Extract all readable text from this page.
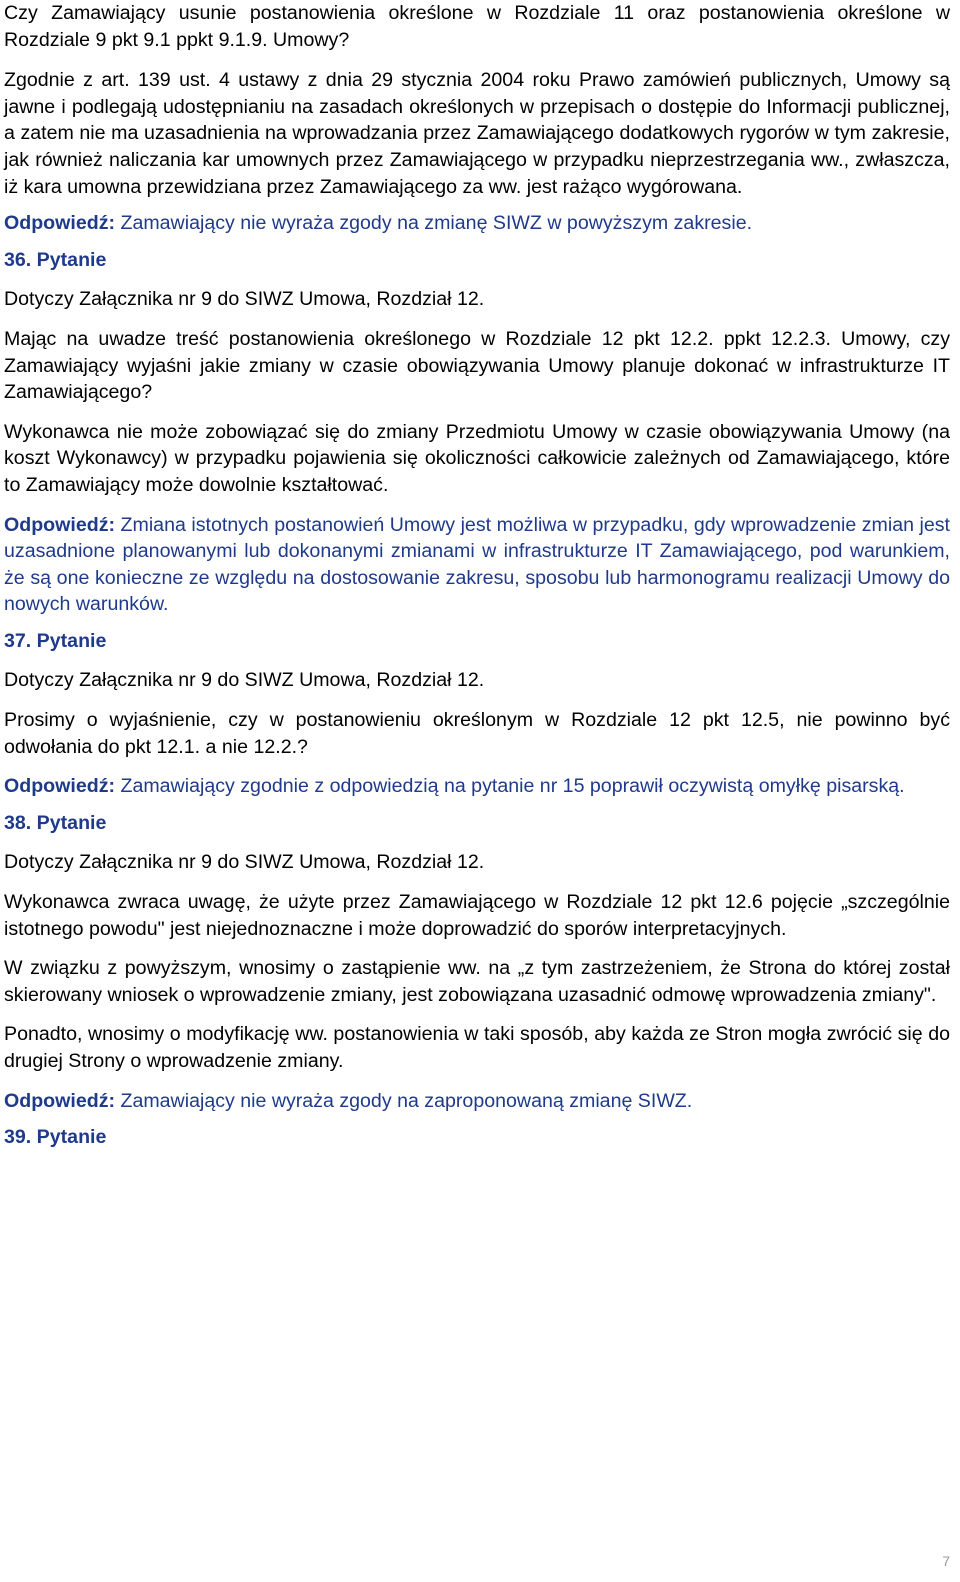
Czy Zamawiający usunie postanowienia określone w Rozdziale 11 oraz postanowienia określone w Rozdziale 9 pkt 9.1 ppkt 9.1.9. Umowy?

Zgodnie z art. 139 ust. 4 ustawy z dnia 29 stycznia 2004 roku Prawo zamówień publicznych, Umowy są jawne i podlegają udostępnianiu na zasadach określonych w przepisach o dostępie do Informacji publicznej, a zatem nie ma uzasadnienia na wprowadzania przez Zamawiającego dodatkowych rygorów w tym zakresie, jak również naliczania kar umownych przez Zamawiającego w przypadku nieprzestrzegania ww., zwłaszcza, iż kara umowna przewidziana przez Zamawiającego za ww. jest rażąco wygórowana.

Odpowiedź: Zamawiający nie wyraża zgody na zmianę SIWZ w powyższym zakresie.

36. Pytanie

Dotyczy Załącznika nr 9 do SIWZ Umowa, Rozdział 12.

Mając na uwadze treść postanowienia określonego w Rozdziale 12 pkt 12.2. ppkt 12.2.3. Umowy, czy Zamawiający wyjaśni jakie zmiany w czasie obowiązywania Umowy planuje dokonać w infrastrukturze IT Zamawiającego?

Wykonawca nie może zobowiązać się do zmiany Przedmiotu Umowy w czasie obowiązywania Umowy (na koszt Wykonawcy) w przypadku pojawienia się okoliczności całkowicie zależnych od Zamawiającego, które to Zamawiający może dowolnie kształtować.

Odpowiedź: Zmiana istotnych postanowień Umowy jest możliwa w przypadku, gdy wprowadzenie zmian jest uzasadnione planowanymi lub dokonanymi zmianami w infrastrukturze IT Zamawiającego, pod warunkiem, że są one konieczne ze względu na dostosowanie zakresu, sposobu lub harmonogramu realizacji Umowy do nowych warunków.

37. Pytanie

Dotyczy Załącznika nr 9 do SIWZ Umowa, Rozdział 12.

Prosimy o wyjaśnienie, czy w postanowieniu określonym w Rozdziale 12 pkt 12.5, nie powinno być odwołania do pkt 12.1. a nie 12.2.?

Odpowiedź: Zamawiający zgodnie z odpowiedzią na pytanie nr 15 poprawił oczywistą omyłkę pisarską.

38. Pytanie

Dotyczy Załącznika nr 9 do SIWZ Umowa, Rozdział 12.

Wykonawca zwraca uwagę, że użyte przez Zamawiającego w Rozdziale 12 pkt 12.6 pojęcie „szczególnie istotnego powodu" jest niejednoznaczne i może doprowadzić do sporów interpretacyjnych.

W związku z powyższym, wnosimy o zastąpienie ww. na „z tym zastrzeżeniem, że Strona do której został skierowany wniosek o wprowadzenie zmiany, jest zobowiązana uzasadnić odmowę wprowadzenia zmiany".

Ponadto, wnosimy o modyfikację ww. postanowienia w taki sposób, aby każda ze Stron mogła zwrócić się do drugiej Strony o wprowadzenie zmiany.

Odpowiedź: Zamawiający nie wyraża zgody na zaproponowaną zmianę SIWZ.

39. Pytanie

7
